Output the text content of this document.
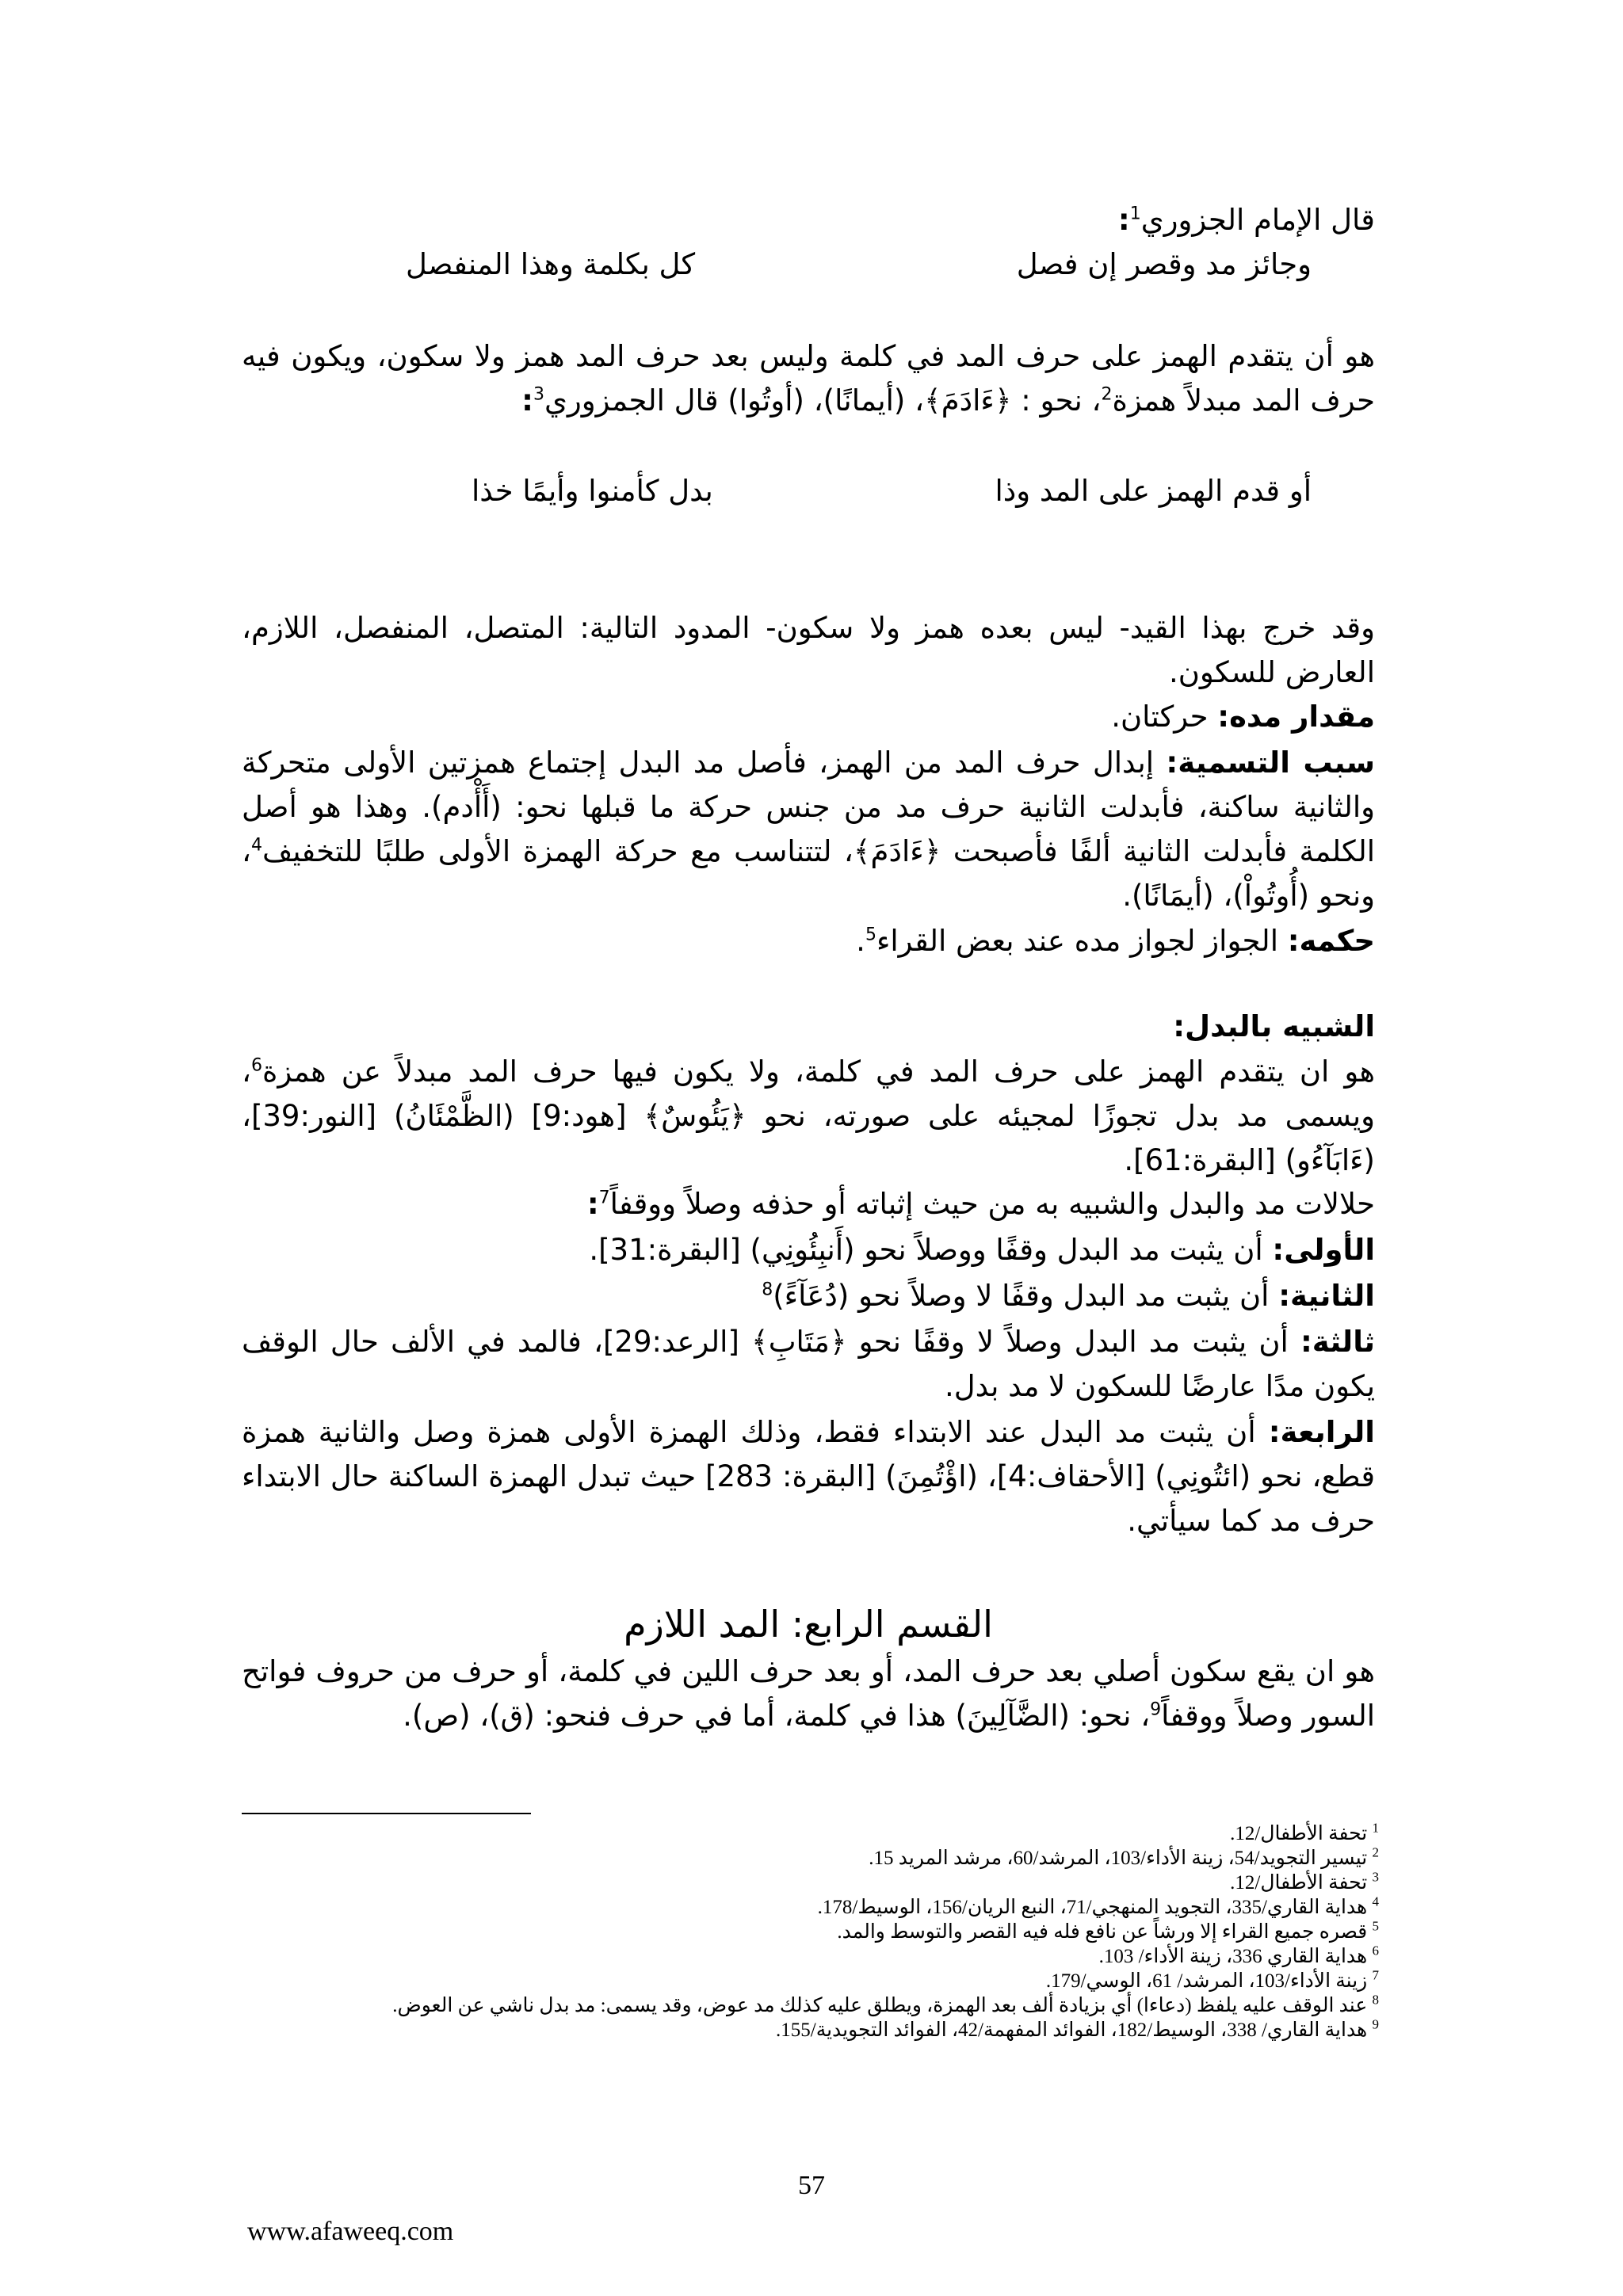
قال الإمام الجزوري$^1$:
وجائز مد وقصر إن فصل
كل بكلمة وهذا المنفصل
هو أن يتقدم الهمز على حرف المد في كلمة وليس بعد حرف المد همز ولا سكون، ويكون فيه حرف المد مبدلاً همزة$^2$، نحو : ﴿ءَادَمَ﴾، (أيمانًا)، (أوتُوا) قال الجمزوري$^3$:
أو قدم الهمز على المد وذا
بدل كأمنوا وأيمًا خذا
وقد خرج بهذا القيد- ليس بعده همز ولا سكون- المدود التالية: المتصل، المنفصل، اللازم، العارض للسكون.
مقدار مده: حركتان.
سبب التسمية: إبدال حرف المد من الهمز، فأصل مد البدل إجتماع همزتين الأولى متحركة والثانية ساكنة، فأبدلت الثانية حرف مد من جنس حركة ما قبلها نحو: (أَأْدم). وهذا هو أصل الكلمة فأبدلت الثانية ألفًا فأصبحت ﴿ءَادَمَ﴾، لتتناسب مع حركة الهمزة الأولى طلبًا للتخفيف$^4$، ونحو (أُوتُواْ)، (أيمَانًا).
حكمه: الجواز لجواز مده عند بعض القراء$^5$.
الشبيه بالبدل:
هو ان يتقدم الهمز على حرف المد في كلمة، ولا يكون فيها حرف المد مبدلاً عن همزة$^6$، ويسمى مد بدل تجوزًا لمجيئه على صورته، نحو ﴿يَئُوسٌ﴾ [هود:9] (الظَّمْئَانُ) [النور:39]، (ءَابَآءُو) [البقرة:61].
حلالات مد والبدل والشبيه به من حيث إثباته أو حذفه وصلاً ووقفاً$^7$:
الأولى: أن يثبت مد البدل وقفًا ووصلاً نحو (أَنبِئُونِي) [البقرة:31].
الثانية: أن يثبت مد البدل وقفًا لا وصلاً نحو (دُعَآءً)$^8$
ثالثة: أن يثبت مد البدل وصلاً لا وقفًا نحو ﴿مَتَابِ﴾ [الرعد:29]، فالمد في الألف حال الوقف يكون مدًا عارضًا للسكون لا مد بدل.
الرابعة: أن يثبت مد البدل عند الابتداء فقط، وذلك الهمزة الأولى همزة وصل والثانية همزة قطع، نحو (ائتُونِي) [الأحقاف:4]، (اؤْتُمِنَ) [البقرة: 283] حيث تبدل الهمزة الساكنة حال الابتداء حرف مد كما سيأتي.
القسم الرابع: المد اللازم
هو ان يقع سكون أصلي بعد حرف المد، أو بعد حرف اللين في كلمة، أو حرف من حروف فواتح السور وصلاً ووقفاً$^9$، نحو: (الضَّآلِينَ) هذا في كلمة، أما في حرف فنحو: (ق)، (ص).
$^1$ تحفة الأطفال/12.
$^2$ تيسير التجويد/54، زينة الأداء/103، المرشد/60، مرشد المريد 15.
$^3$ تحفة الأطفال/12.
$^4$ هداية القاري/335، التجويد المنهجي/71، النبع الريان/156، الوسيط/178.
$^5$ قصره جميع القراء إلا ورشاً عن نافع فله فيه القصر والتوسط والمد.
$^6$ هداية القاري 336، زينة الأداء/ 103.
$^7$ زينة الأداء/103، المرشد/ 61، الوسي/179.
$^8$ عند الوقف عليه يلفظ (دعاءا) أي بزيادة ألف بعد الهمزة، ويطلق عليه كذلك مد عوض، وقد يسمى: مد بدل ناشي عن العوض.
$^9$ هداية القاري/ 338، الوسيط/182، الفوائد المفهمة/42، الفوائد التجويدية/155.
57
www.afaweeq.com
